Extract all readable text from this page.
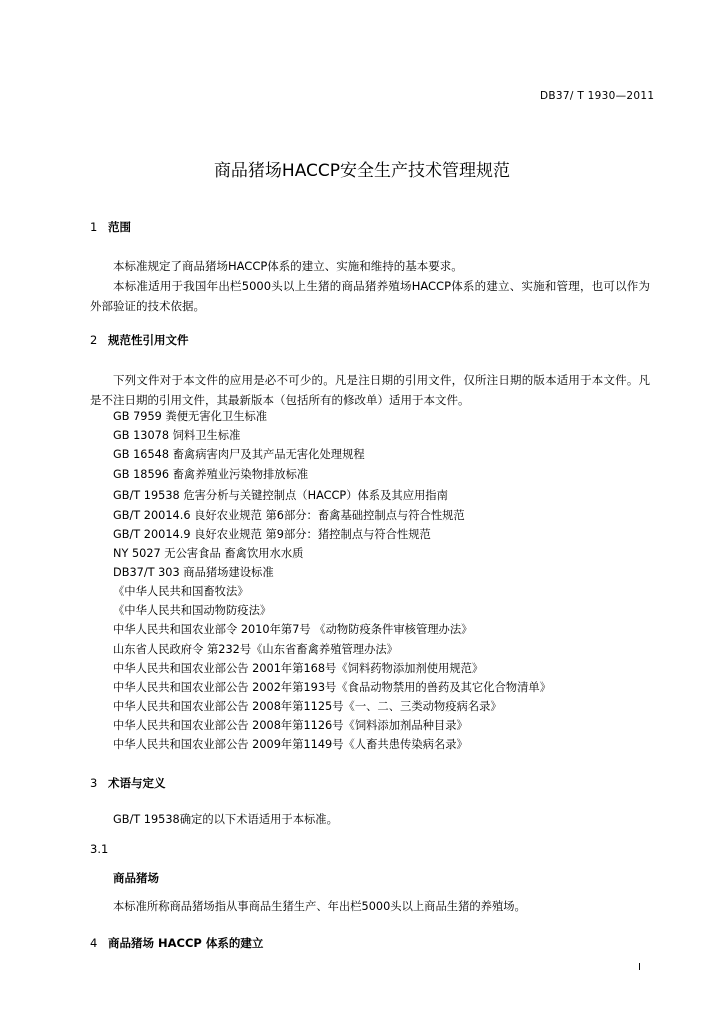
DB37/ T 1930—2011
商品猪场HACCP安全生产技术管理规范
1 范围
本标准规定了商品猪场HACCP体系的建立、实施和维持的基本要求。
本标准适用于我国年出栏5000头以上生猪的商品猪养殖场HACCP体系的建立、实施和管理，也可以作为外部验证的技术依据。
2 规范性引用文件
下列文件对于本文件的应用是必不可少的。凡是注日期的引用文件，仅所注日期的版本适用于本文件。凡是不注日期的引用文件，其最新版本（包括所有的修改单）适用于本文件。
GB 7959 粪便无害化卫生标准
GB 13078 饲料卫生标准
GB 16548 畜禽病害肉尸及其产品无害化处理规程
GB 18596 畜禽养殖业污染物排放标准
GB/T 19538 危害分析与关键控制点（HACCP）体系及其应用指南
GB/T 20014.6 良好农业规范 第6部分：畜禽基础控制点与符合性规范
GB/T 20014.9 良好农业规范 第9部分：猪控制点与符合性规范
NY 5027 无公害食品 畜禽饮用水水质
DB37/T 303 商品猪场建设标准
《中华人民共和国畜牧法》
《中华人民共和国动物防疫法》
中华人民共和国农业部令 2010年第7号 《动物防疫条件审核管理办法》
山东省人民政府令 第232号《山东省畜禽养殖管理办法》
中华人民共和国农业部公告 2001年第168号《饲料药物添加剂使用规范》
中华人民共和国农业部公告 2002年第193号《食品动物禁用的兽药及其它化合物清单》
中华人民共和国农业部公告 2008年第1125号《一、二、三类动物疫病名录》
中华人民共和国农业部公告 2008年第1126号《饲料添加剂品种目录》
中华人民共和国农业部公告 2009年第1149号《人畜共患传染病名录》
3 术语与定义
GB/T 19538确定的以下术语适用于本标准。
3.1
商品猪场
本标准所称商品猪场指从事商品生猪生产、年出栏5000头以上商品生猪的养殖场。
4 商品猪场 HACCP 体系的建立
I
